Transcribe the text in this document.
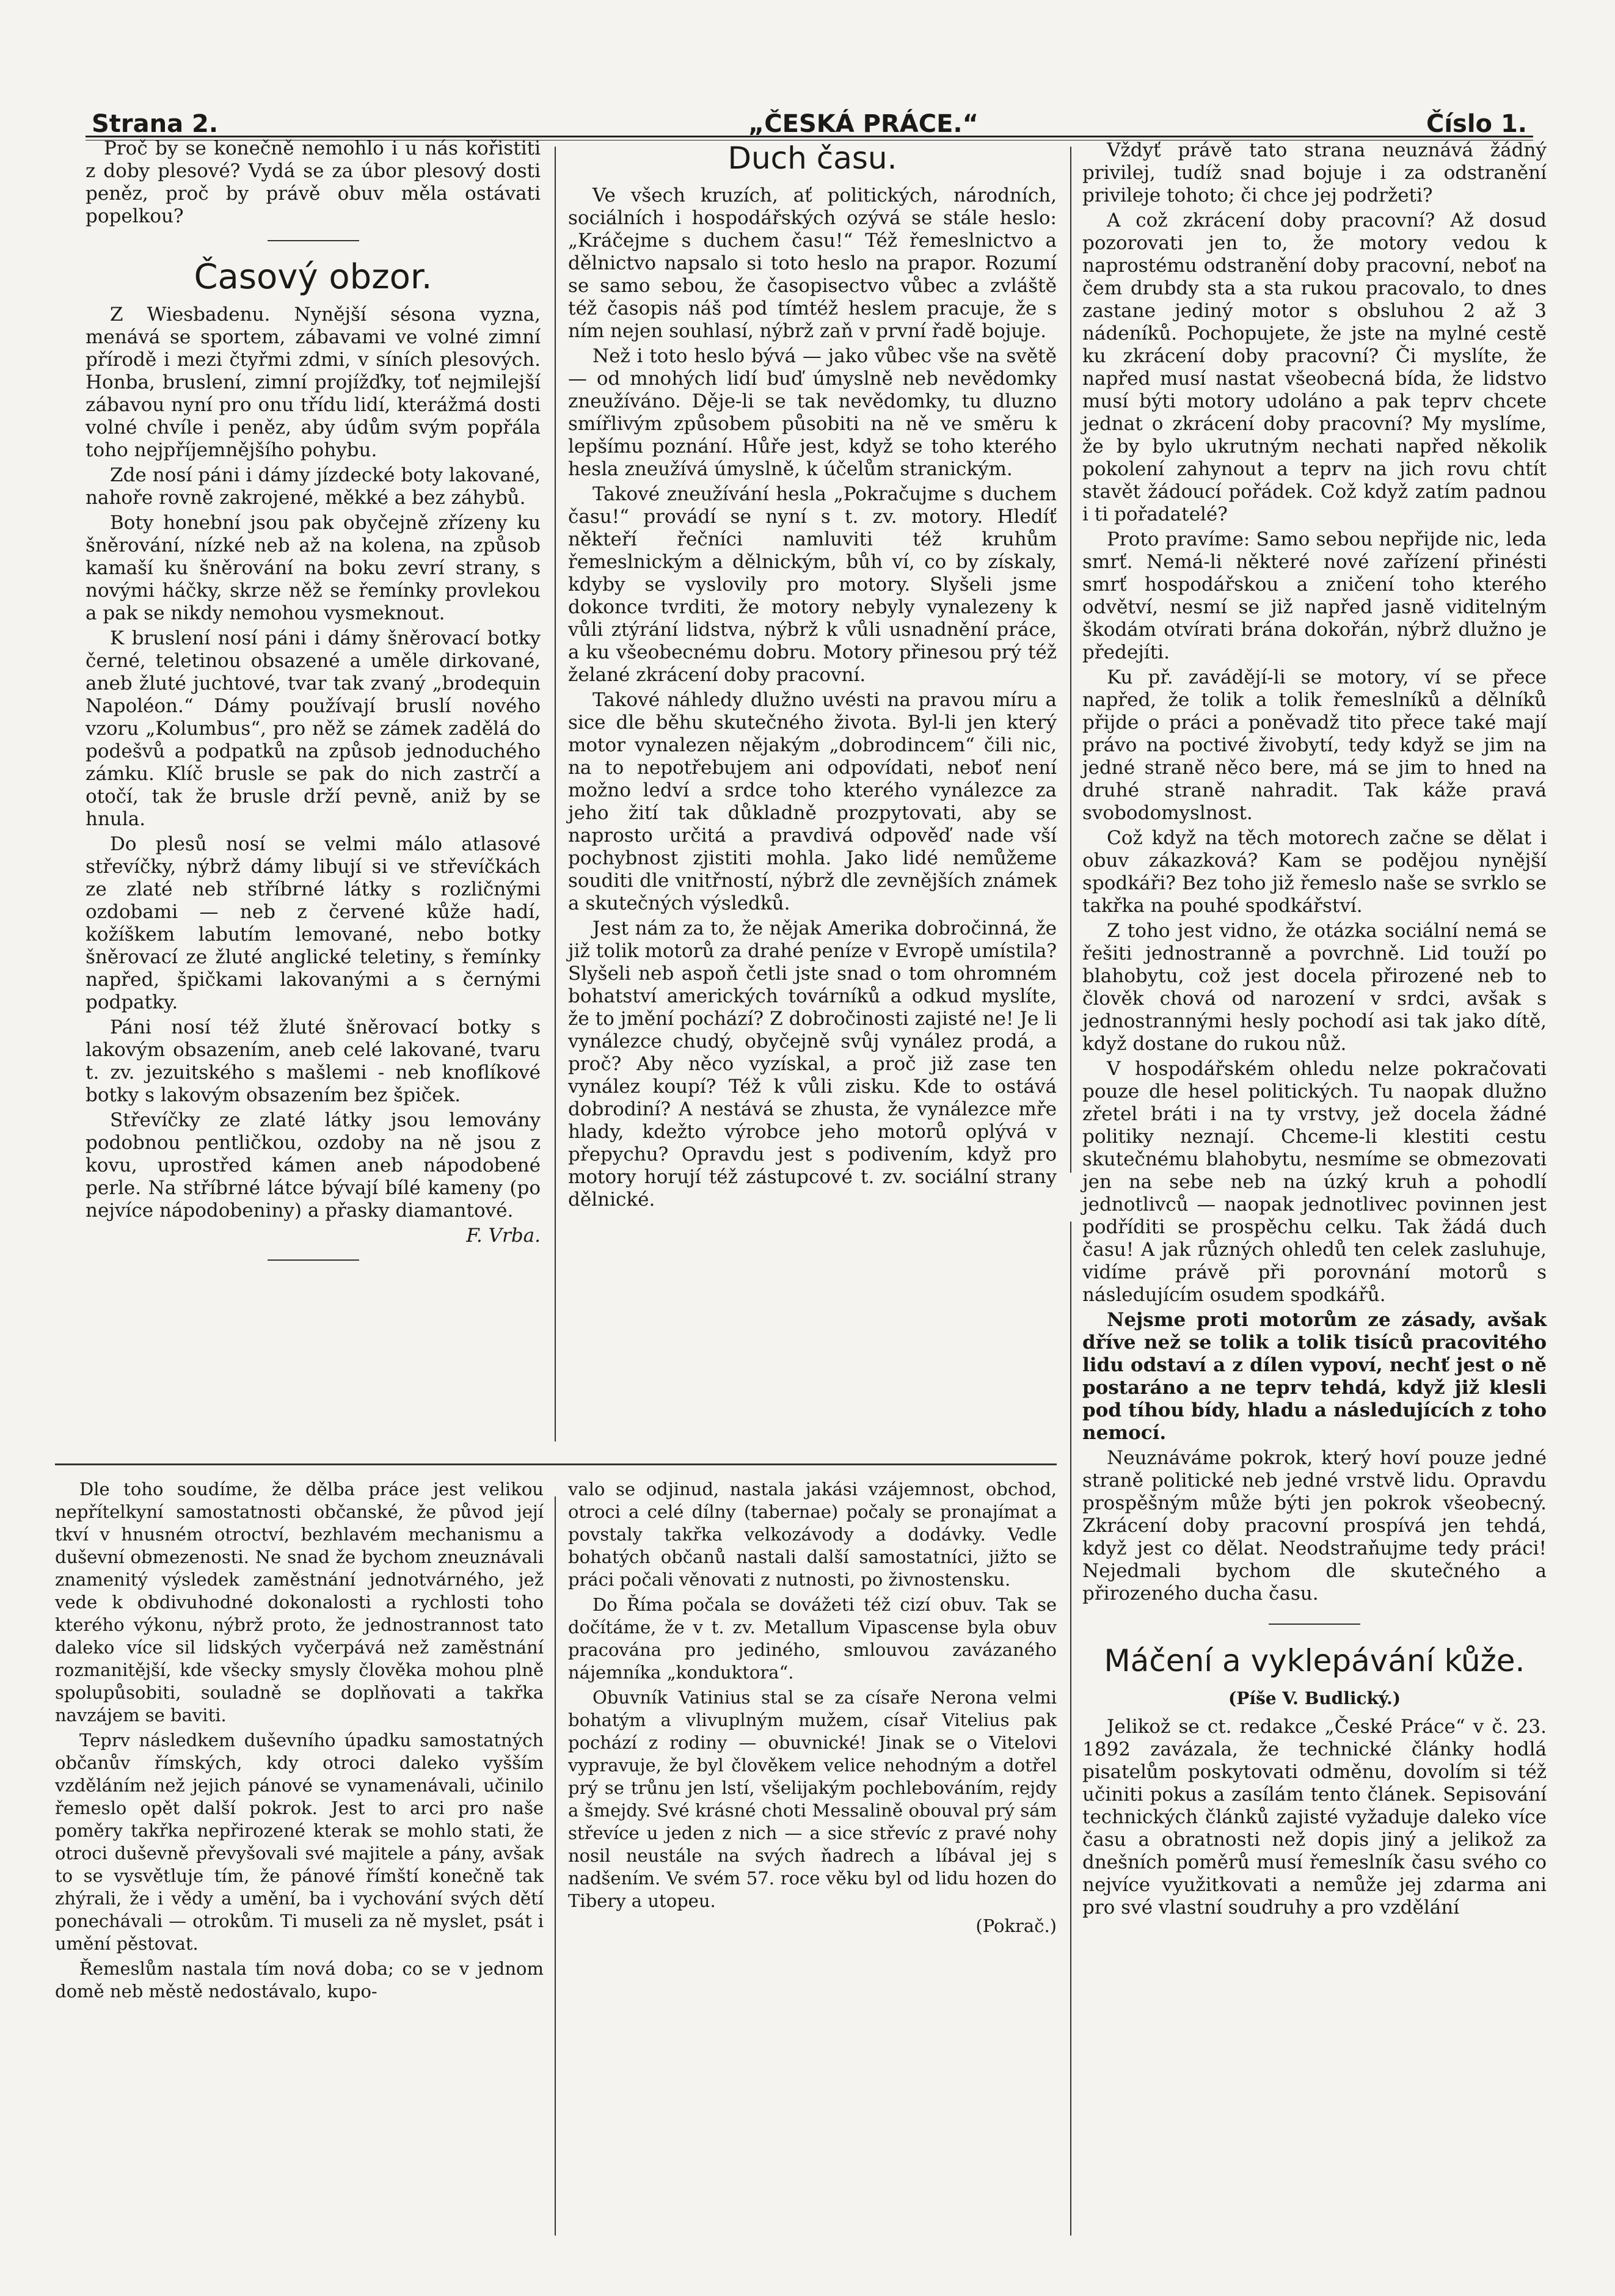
Strana 2.	„ČESKÁ PRÁCE.“	Číslo 1.

Proč by se konečně nemohlo i u nás kořistiti z doby plesové? Vydá se za úbor plesový dosti peněz, proč by právě obuv měla ostávati popelkou?

Časový obzor.

Z Wiesbadenu. Nynější sésona vyzna, menává se sportem, zábavami ve volné zimní přírodě i mezi čtyřmi zdmi, v síních plesových. Honba, bruslení, zimní projížďky, toť nejmilejší zábavou nyní pro onu třídu lidí, kterážmá dosti volné chvíle i peněz, aby údům svým popřála toho nejpříjemnějšího pohybu.

Zde nosí páni i dámy jízdecké boty lakované, nahoře rovně zakrojené, měkké a bez záhybů.

Boty honební jsou pak obyčejně zřízeny ku šněrování, nízké neb až na kolena, na způsob kamaší ku šněrování na boku zevrí strany, s novými háčky, skrze něž se řemínky provlekou a pak se nikdy nemohou vysmeknout.

K bruslení nosí páni i dámy šněrovací botky černé, teletinou obsazené a uměle dirkované, aneb žluté juchtové, tvar tak zvaný „brodequin Napoléon.“ Dámy používají bruslí nového vzoru „Kolumbus“, pro něž se zámek zadělá do podešvů a podpatků na způsob jednoduchého zámku. Klíč brusle se pak do nich zastrčí a otočí, tak že brusle drží pevně, aniž by se hnula.

Do plesů nosí se velmi málo atlasové střevíčky, nýbrž dámy libují si ve střevíčkách ze zlaté neb stříbrné látky s rozličnými ozdobami — neb z červené kůže hadí, kožíškem labutím lemované, nebo botky šněrovací ze žluté anglické teletiny, s řemínky napřed, špičkami lakovanými a s černými podpatky.

Páni nosí též žluté šněrovací botky s lakovým obsazením, aneb celé lakované, tvaru t. zv. jezuitského s mašlemi - neb knoflíkové botky s lakovým obsazením bez špiček.

Střevíčky ze zlaté látky jsou lemovány podobnou pentličkou, ozdoby na ně jsou z kovu, uprostřed kámen aneb nápodobené perle. Na stříbrné látce bývají bílé kameny (po nejvíce nápodobeniny) a přasky diamantové.

F. Vrba.
Duch času.

Ve všech kruzích, ať politických, národních, sociálních i hospodářských ozývá se stále heslo: „Kráčejme s duchem času!“ Též řemeslnictvo a dělnictvo napsalo si toto heslo na prapor. Rozumí se samo sebou, že časopisectvo vůbec a zvláště též časopis náš pod tímtéž heslem pracuje, že s ním nejen souhlasí, nýbrž zaň v první řadě bojuje.

Než i toto heslo bývá — jako vůbec vše na světě — od mnohých lidí buď úmyslně neb nevědomky zneužíváno. Děje-li se tak nevědomky, tu dluzno smířlivým způsobem působiti na ně ve směru k lepšímu poznání. Hůře jest, když se toho kterého hesla zneužívá úmyslně, k účelům stranickým.

Takové zneužívání hesla „Pokračujme s duchem času!“ provádí se nyní s t. zv. motory. Hledíť někteří řečníci namluviti též kruhům řemeslnickým a dělnickým, bůh ví, co by získaly, kdyby se vyslovily pro motory. Slyšeli jsme dokonce tvrditi, že motory nebyly vynalezeny k vůli ztýrání lidstva, nýbrž k vůli usnadnění práce, a ku všeobecnému dobru. Motory přinesou prý též želané zkrácení doby pracovní.

Takové náhledy dlužno uvésti na pravou míru a sice dle běhu skutečného života. Byl-li jen který motor vynalezen nějakým „dobrodincem“ čili nic, na to nepotřebujem ani odpovídati, neboť není možno ledví a srdce toho kterého vynálezce za jeho žití tak důkladně prozpytovati, aby se naprosto určitá a pravdivá odpověď nade vší pochybnost zjistiti mohla. Jako lidé nemůžeme souditi dle vnitřností, nýbrž dle zevnějších známek a skutečných výsledků.

Jest nám za to, že nějak Amerika dobročinná, že již tolik motorů za drahé peníze v Evropě umístila? Slyšeli neb aspoň četli jste snad o tom ohromném bohatství amerických továrníků a odkud myslíte, že to jmění pochází? Z dobročinosti zajisté ne! Je li vynálezce chudý, obyčejně svůj vynález prodá, a proč? Aby něco vyzískal, a proč již zase ten vynález koupí? Též k vůli zisku. Kde to ostává dobrodiní? A nestává se zhusta, že vynálezce mře hlady, kdežto výrobce jeho motorů oplývá v přepychu? Opravdu jest s podivením, když pro motory horují též zástupcové t. zv. sociální strany dělnické.

Vždyť právě tato strana neuznává žádný privilej, tudíž snad bojuje i za odstranění privileje tohoto; či chce jej podržeti?

A což zkrácení doby pracovní? Až dosud pozorovati jen to, že motory vedou k naprostému odstranění doby pracovní, neboť na čem drubdy sta a sta rukou pracovalo, to dnes zastane jediný motor s obsluhou 2 až 3 nádeníků. Pochopujete, že jste na mylné cestě ku zkrácení doby pracovní? Či myslíte, že napřed musí nastat všeobecná bída, že lidstvo musí býti motory udoláno a pak teprv chcete jednat o zkrácení doby pracovní? My myslíme, že by bylo ukrutným nechati napřed několik pokolení zahynout a teprv na jich rovu chtít stavět žádoucí pořádek. Což když zatím padnou i ti pořadatelé?

Proto pravíme: Samo sebou nepřijde nic, leda smrť. Nemá-li některé nové zařízení přinésti smrť hospodářskou a zničení toho kterého odvětví, nesmí se již napřed jasně viditelným škodám otvírati brána dokořán, nýbrž dlužno je předejíti.

Ku př. zavádějí-li se motory, ví se přece napřed, že tolik a tolik řemeslníků a dělníků přijde o práci a poněvadž tito přece také mají právo na poctivé živobytí, tedy když se jim na jedné straně něco bere, má se jim to hned na druhé straně nahradit. Tak káže pravá svobodomyslnost.

Což když na těch motorech začne se dělat i obuv zákazková? Kam se podějou nynější spodkáři? Bez toho již řemeslo naše se svrklo se takřka na pouhé spodkářství.

Z toho jest vidno, že otázka sociální nemá se řešiti jednostranně a povrchně. Lid touží po blahobytu, což jest docela přirozené neb to člověk chová od narození v srdci, avšak s jednostrannými hesly pochodí asi tak jako dítě, když dostane do rukou nůž.

V hospodářském ohledu nelze pokračovati pouze dle hesel politických. Tu naopak dlužno zřetel bráti i na ty vrstvy, jež docela žádné politiky neznají. Chceme-li klestiti cestu skutečnému blahobytu, nesmíme se obmezovati jen na sebe neb na úzký kruh a pohodlí jednotlivců — naopak jednotlivec povinnen jest podříditi se prospěchu celku. Tak žádá duch času! A jak různých ohledů ten celek zasluhuje, vidíme právě při porovnání motorů s následujícím osudem spodkářů.

Nejsme proti motorům ze zásady, avšak dříve než se tolik a tolik tisíců pracovitého lidu odstaví a z dílen vypoví, nechť jest o ně postaráno a ne teprv tehdá, když již klesli pod tíhou bídy, hladu a následujících z toho nemocí.

Neuznáváme pokrok, který hoví pouze jedné straně politické neb jedné vrstvě lidu. Opravdu prospěšným může býti jen pokrok všeobecný. Zkrácení doby pracovní prospívá jen tehdá, když jest co dělat. Neodstraňujme tedy práci! Nejedmali bychom dle skutečného a přirozeného ducha času.

Máčení a vyklepávání kůže.
(Píše V. Budlický.)

Jelikož se ct. redakce „České Práce“ v č. 23. 1892 zavázala, že technické články hodlá pisatelům poskytovati odměnu, dovolím si též učiniti pokus a zasílám tento článek. Sepisování technických článků zajisté vyžaduje daleko více času a obratnosti než dopis jiný a jelikož za dnešních poměrů musí řemeslník času svého co nejvíce využitkovati a nemůže jej zdarma ani pro své vlastní soudruhy a pro vzdělání

Dle toho soudíme, že dělba práce jest velikou nepřítelkyní samostatnosti občanské, že původ její tkví v hnusném otroctví, bezhlavém mechanismu a duševní obmezenosti. Ne snad že bychom zneuznávali znamenitý výsledek zaměstnání jednotvárného, jež vede k obdivuhodné dokonalosti a rychlosti toho kterého výkonu, nýbrž proto, že jednostrannost tato daleko více sil lidských vyčerpává než zaměstnání rozmanitější, kde všecky smysly člověka mohou plně spolupůsobiti, souladně se doplňovati a takřka navzájem se baviti.

Teprv následkem duševního úpadku samostatných občanův římských, kdy otroci daleko vyšším vzděláním než jejich pánové se vynamenávali, učinilo řemeslo opět další pokrok. Jest to arci pro naše poměry takřka nepřirozené kterak se mohlo stati, že otroci duševně převyšovali své majitele a pány, avšak to se vysvětluje tím, že pánové římští konečně tak zhýrali, že i vědy a umění, ba i vychování svých dětí ponechávali — otrokům. Ti museli za ně myslet, psát i umění pěstovat.

Řemeslům nastala tím nová doba; co se v jednom domě neb městě nedostávalo, kupo-

valo se odjinud, nastala jakási vzájemnost, obchod, otroci a celé dílny (tabernae) počaly se pronajímat a povstaly takřka velkozávody a dodávky. Vedle bohatých občanů nastali další samostatníci, jižto se práci počali věnovati z nutnosti, po živnostensku.

Do Říma počala se dovážeti též cizí obuv. Tak se dočítáme, že v t. zv. Metallum Vipascense byla obuv pracována pro jediného, smlouvou zavázaného nájemníka „konduktora“.

Obuvník Vatinius stal se za císaře Nerona velmi bohatým a vlivuplným mužem, císař Vitelius pak pochází z rodiny — obuvnické! Jinak se o Vitelovi vypravuje, že byl člověkem velice nehodným a dotřel prý se trůnu jen lstí, všelijakým pochlebováním, rejdy a šmejdy. Své krásné choti Messalině obouval prý sám střevíce u jeden z nich — a sice střevíc z pravé nohy nosil neustále na svých ňadrech a líbával jej s nadšením. Ve svém 57. roce věku byl od lidu hozen do Tibery a utopeu.

(Pokrač.)
